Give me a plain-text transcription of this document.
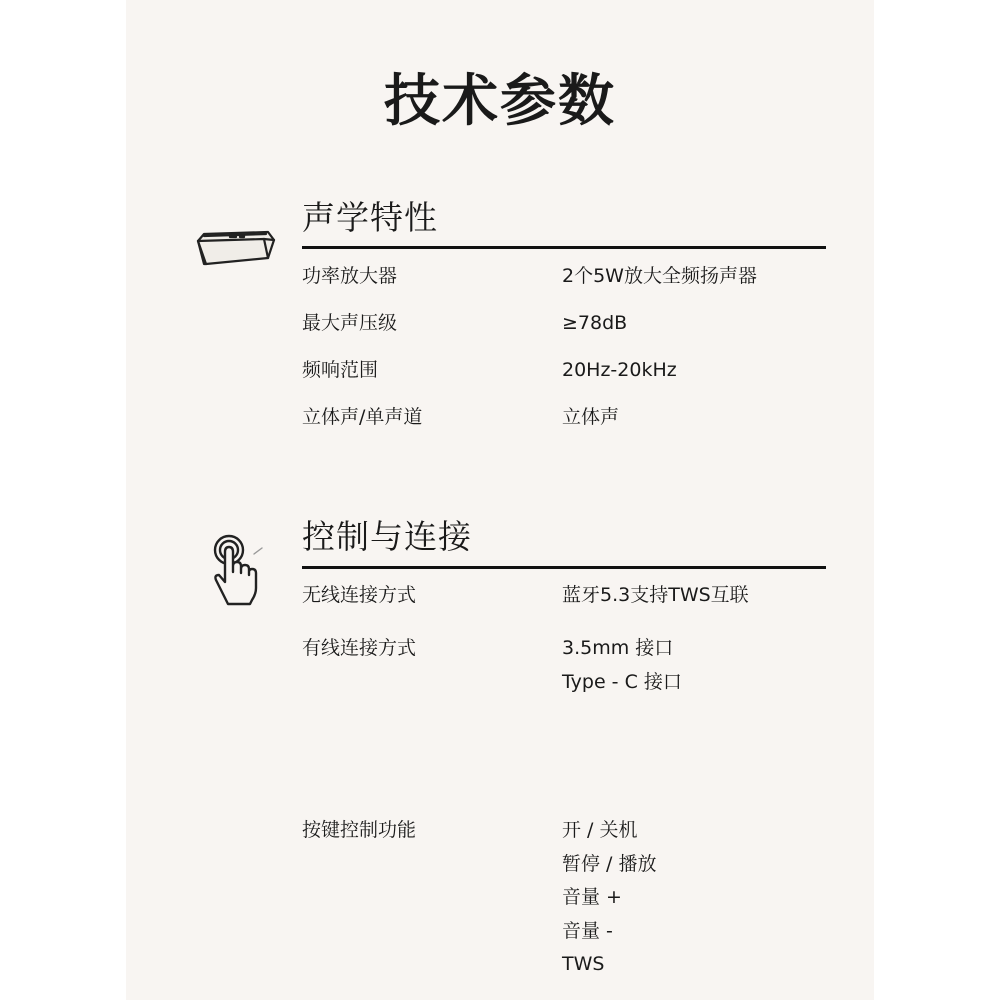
技术参数
声学特性
功率放大器	2个5W放大全频扬声器
最大声压级	≥78dB
频响范围	20Hz-20kHz
立体声/单声道	立体声
控制与连接
无线连接方式	蓝牙5.3支持TWS互联
有线连接方式	3.5mm 接口
Type - C 接口
按键控制功能	开 / 关机
暂停 / 播放
音量 +
音量 -
TWS
